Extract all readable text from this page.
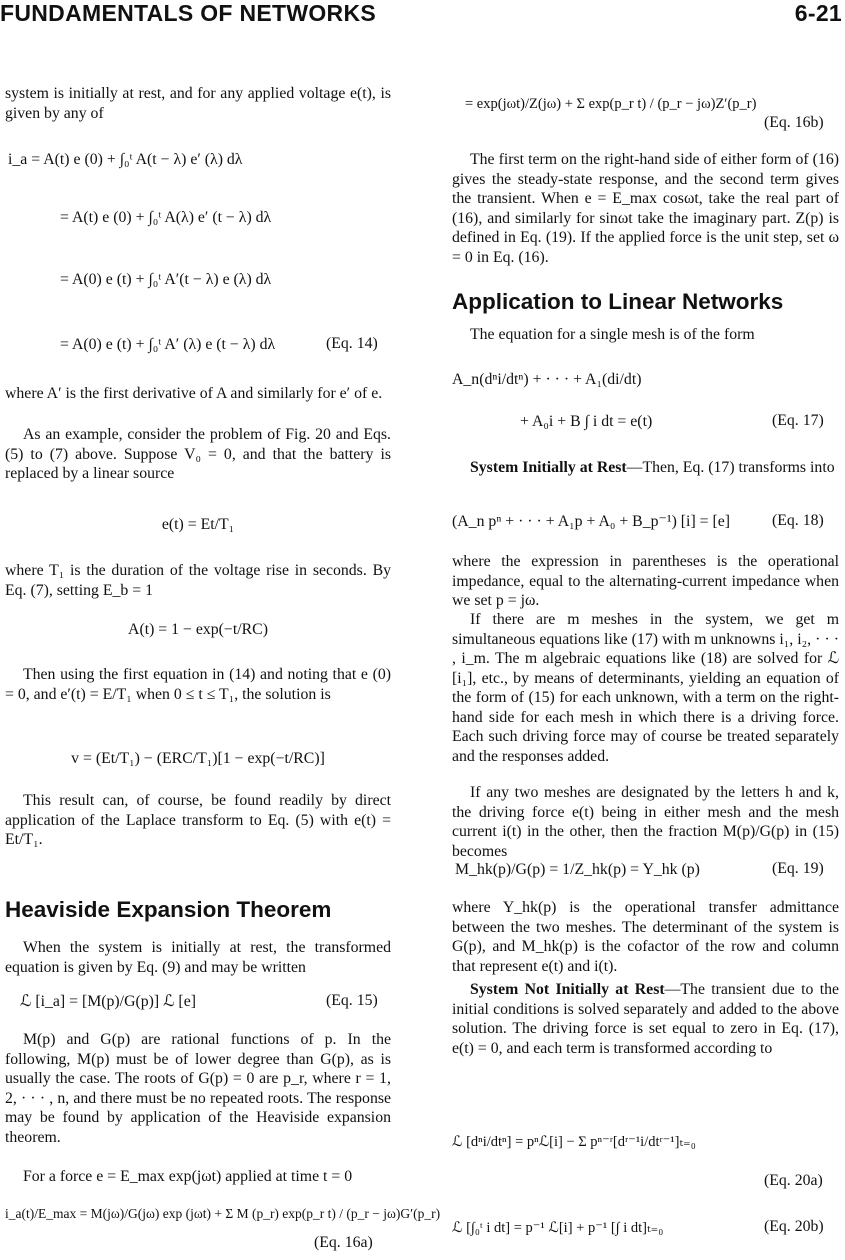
FUNDAMENTALS OF NETWORKS	6-21
system is initially at rest, and for any applied voltage e(t), is given by any of
i_a = A(t) e (0) + ∫₀ᵗ A(t − λ) e′ (λ) dλ
= A(t) e (0) + ∫₀ᵗ A(λ) e′ (t − λ) dλ
= A(0) e (t) + ∫₀ᵗ A′(t − λ) e (λ) dλ
= A(0) e (t) + ∫₀ᵗ A′ (λ) e (t − λ) dλ	(Eq. 14)
where A′ is the first derivative of A and similarly for e′ of e.
As an example, consider the problem of Fig. 20 and Eqs. (5) to (7) above. Suppose V₀ = 0, and that the battery is replaced by a linear source
e(t) = Et/T₁
where T₁ is the duration of the voltage rise in seconds. By Eq. (7), setting E_b = 1
A(t) = 1 − exp(−t/RC)
Then using the first equation in (14) and noting that e (0) = 0, and e′(t) = E/T₁ when 0 ≤ t ≤ T₁, the solution is
v = (Et/T₁) − (ERC/T₁)[1 − exp(−t/RC)]
This result can, of course, be found readily by direct application of the Laplace transform to Eq. (5) with e(t) = Et/T₁.
Heaviside Expansion Theorem
When the system is initially at rest, the transformed equation is given by Eq. (9) and may be written
ℒ [i_a] = [M(p)/G(p)] ℒ [e]	(Eq. 15)
M(p) and G(p) are rational functions of p. In the following, M(p) must be of lower degree than G(p), as is usually the case. The roots of G(p) = 0 are p_r, where r = 1, 2, · · · , n, and there must be no repeated roots. The response may be found by application of the Heaviside expansion theorem.
For a force e = E_max exp(jωt) applied at time t = 0
i_a(t)/E_max = M(jω)/G(jω) exp (jωt) + Σ M (p_r) exp(p_r t) / (p_r − jω)G′(p_r)
(Eq. 16a)
= exp(jωt)/Z(jω) + Σ exp(p_r t) / (p_r − jω)Z′(p_r)
(Eq. 16b)
The first term on the right-hand side of either form of (16) gives the steady-state response, and the second term gives the transient. When e = E_max cosωt, take the real part of (16), and similarly for sinωt take the imaginary part. Z(p) is defined in Eq. (19). If the applied force is the unit step, set ω = 0 in Eq. (16).
Application to Linear Networks
The equation for a single mesh is of the form
A_n(dⁿi/dtⁿ) + · · · + A₁(di/dt)
+ A₀i + B ∫ i dt = e(t)	(Eq. 17)
System Initially at Rest—Then, Eq. (17) transforms into
(A_n pⁿ + · · · + A₁p + A₀ + B_p⁻¹) [i] = [e]	(Eq. 18)
where the expression in parentheses is the operational impedance, equal to the alternating-current impedance when we set p = jω.
If there are m meshes in the system, we get m simultaneous equations like (17) with m unknowns i₁, i₂, · · · , i_m. The m algebraic equations like (18) are solved for ℒ [i₁], etc., by means of determinants, yielding an equation of the form of (15) for each unknown, with a term on the right-hand side for each mesh in which there is a driving force. Each such driving force may of course be treated separately and the responses added.
If any two meshes are designated by the letters h and k, the driving force e(t) being in either mesh and the mesh current i(t) in the other, then the fraction M(p)/G(p) in (15) becomes
M_hk(p)/G(p) = 1/Z_hk(p) = Y_hk (p)	(Eq. 19)
where Y_hk(p) is the operational transfer admittance between the two meshes. The determinant of the system is G(p), and M_hk(p) is the cofactor of the row and column that represent e(t) and i(t).
System Not Initially at Rest—The transient due to the initial conditions is solved separately and added to the above solution. The driving force is set equal to zero in Eq. (17), e(t) = 0, and each term is transformed according to
ℒ [dⁿi/dtⁿ] = pⁿℒ[i] − Σ pⁿ⁻ʳ[dʳ⁻¹i/dtʳ⁻¹]ₜ₌₀
(Eq. 20a)
ℒ [∫₀ᵗ i dt] = p⁻¹ ℒ[i] + p⁻¹ [∫ i dt]ₜ₌₀	(Eq. 20b)
